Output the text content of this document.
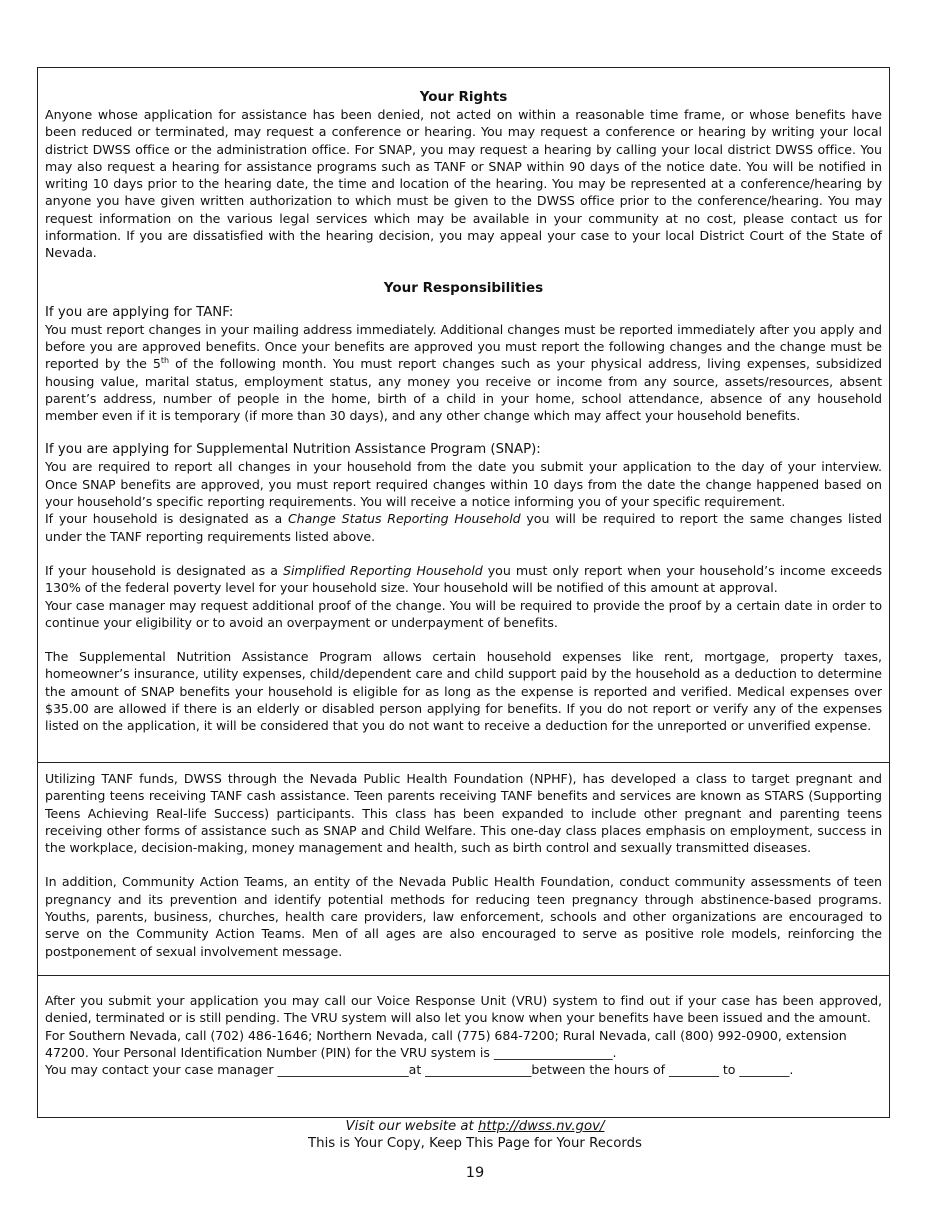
Your Rights

Anyone whose application for assistance has been denied, not acted on within a reasonable time frame, or whose benefits have been reduced or terminated, may request a conference or hearing. You may request a conference or hearing by writing your local district DWSS office or the administration office. For SNAP, you may request a hearing by calling your local district DWSS office. You may also request a hearing for assistance programs such as TANF or SNAP within 90 days of the notice date. You will be notified in writing 10 days prior to the hearing date, the time and location of the hearing. You may be represented at a conference/hearing by anyone you have given written authorization to which must be given to the DWSS office prior to the conference/hearing. You may request information on the various legal services which may be available in your community at no cost, please contact us for information. If you are dissatisfied with the hearing decision, you may appeal your case to your local District Court of the State of Nevada.

Your Responsibilities
If you are applying for TANF:

You must report changes in your mailing address immediately. Additional changes must be reported immediately after you apply and before you are approved benefits. Once your benefits are approved you must report the following changes and the change must be reported by the 5th of the following month. You must report changes such as your physical address, living expenses, subsidized housing value, marital status, employment status, any money you receive or income from any source, assets/resources, absent parent’s address, number of people in the home, birth of a child in your home, school attendance, absence of any household member even if it is temporary (if more than 30 days), and any other change which may affect your household benefits.

If you are applying for Supplemental Nutrition Assistance Program (SNAP):

You are required to report all changes in your household from the date you submit your application to the day of your interview. Once SNAP benefits are approved, you must report required changes within 10 days from the date the change happened based on your household’s specific reporting requirements. You will receive a notice informing you of your specific requirement.

If your household is designated as a Change Status Reporting Household you will be required to report the same changes listed under the TANF reporting requirements listed above.

If your household is designated as a Simplified Reporting Household you must only report when your household’s income exceeds 130% of the federal poverty level for your household size. Your household will be notified of this amount at approval.

Your case manager may request additional proof of the change. You will be required to provide the proof by a certain date in order to continue your eligibility or to avoid an overpayment or underpayment of benefits.

The Supplemental Nutrition Assistance Program allows certain household expenses like rent, mortgage, property taxes, homeowner’s insurance, utility expenses, child/dependent care and child support paid by the household as a deduction to determine the amount of SNAP benefits your household is eligible for as long as the expense is reported and verified. Medical expenses over $35.00 are allowed if there is an elderly or disabled person applying for benefits. If you do not report or verify any of the expenses listed on the application, it will be considered that you do not want to receive a deduction for the unreported or unverified expense.

Utilizing TANF funds, DWSS through the Nevada Public Health Foundation (NPHF), has developed a class to target pregnant and parenting teens receiving TANF cash assistance. Teen parents receiving TANF benefits and services are known as STARS (Supporting Teens Achieving Real-life Success) participants. This class has been expanded to include other pregnant and parenting teens receiving other forms of assistance such as SNAP and Child Welfare. This one-day class places emphasis on employment, success in the workplace, decision-making, money management and health, such as birth control and sexually transmitted diseases.

In addition, Community Action Teams, an entity of the Nevada Public Health Foundation, conduct community assessments of teen pregnancy and its prevention and identify potential methods for reducing teen pregnancy through abstinence-based programs. Youths, parents, business, churches, health care providers, law enforcement, schools and other organizations are encouraged to serve on the Community Action Teams. Men of all ages are also encouraged to serve as positive role models, reinforcing the postponement of sexual involvement message.

After you submit your application you may call our Voice Response Unit (VRU) system to find out if your case has been approved, denied, terminated or is still pending. The VRU system will also let you know when your benefits have been issued and the amount.

For Southern Nevada, call (702) 486-1646; Northern Nevada, call (775) 684-7200; Rural Nevada, call (800) 992-0900, extension 47200. Your Personal Identification Number (PIN) for the VRU system is ___________________.

You may contact your case manager _____________________at _________________between the hours of ________ to ________.

Visit our website at http://dwss.nv.gov/
This is Your Copy, Keep This Page for Your Records
19
